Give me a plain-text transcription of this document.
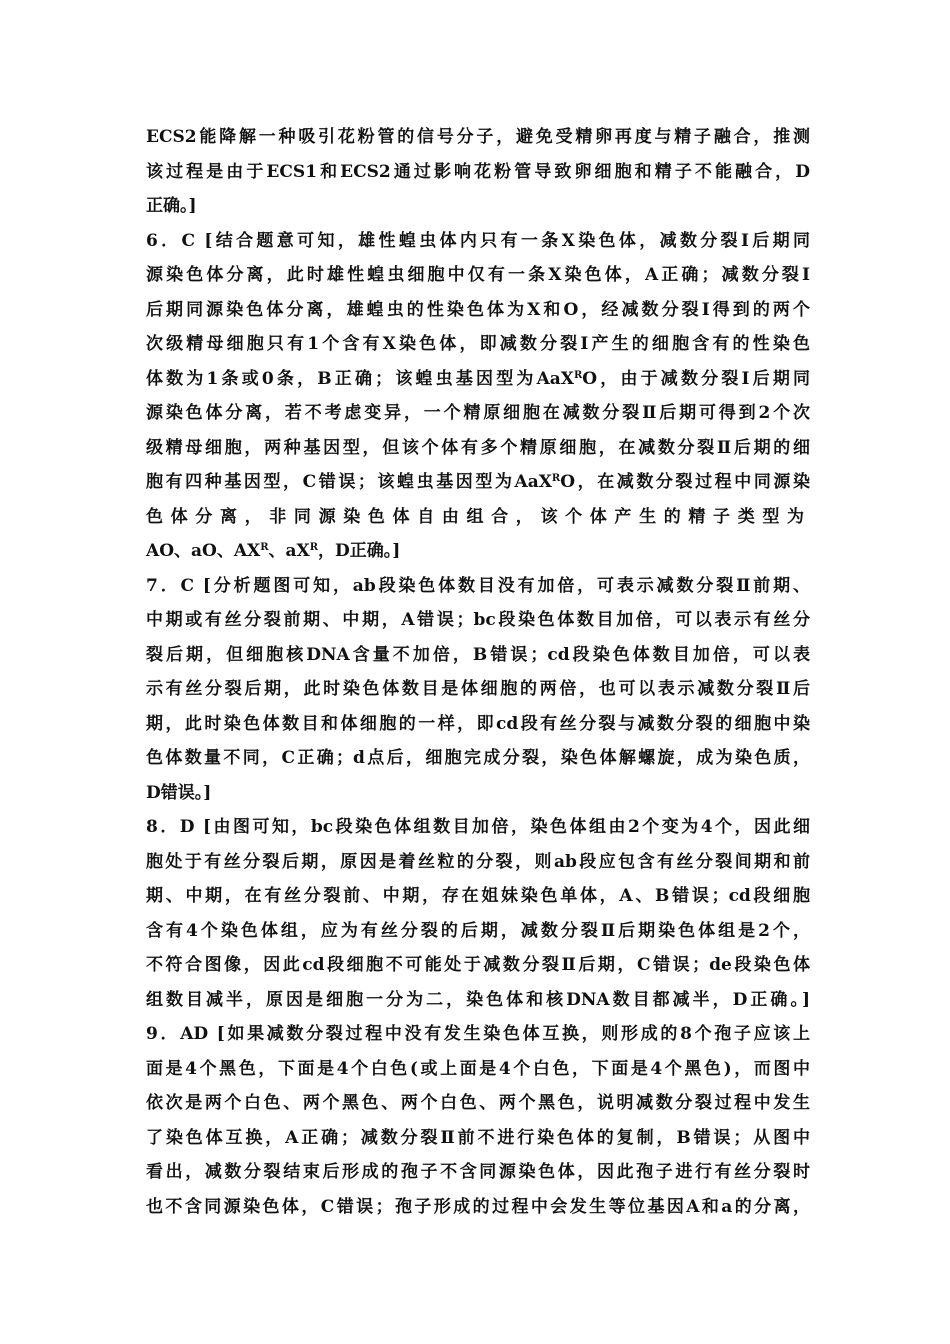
ECS2能降解一种吸引花粉管的信号分子，避免受精卵再度与精子融合，推测
该过程是由于ECS1和ECS2通过影响花粉管导致卵细胞和精子不能融合，D
正确。]
6．C [结合题意可知，雄性蝗虫体内只有一条X染色体，减数分裂Ⅰ后期同
源染色体分离，此时雄性蝗虫细胞中仅有一条X染色体，A正确；减数分裂Ⅰ
后期同源染色体分离，雄蝗虫的性染色体为X和O，经减数分裂Ⅰ得到的两个
次级精母细胞只有1个含有X染色体，即减数分裂Ⅰ产生的细胞含有的性染色
体数为1条或0条，B正确；该蝗虫基因型为AaX$^R$O，由于减数分裂Ⅰ后期同
源染色体分离，若不考虑变异，一个精原细胞在减数分裂Ⅱ后期可得到2个次
级精母细胞，两种基因型，但该个体有多个精原细胞，在减数分裂Ⅱ后期的细
胞有四种基因型，C错误；该蝗虫基因型为AaX$^R$O，在减数分裂过程中同源染
色体分离，非同源染色体自由组合，该个体产生的精子类型为
AO、aO、$AX^R$、$aX^R$，D正确。]
7．C [分析题图可知，ab段染色体数目没有加倍，可表示减数分裂Ⅱ前期、
中期或有丝分裂前期、中期，A错误；bc段染色体数目加倍，可以表示有丝分
裂后期，但细胞核DNA含量不加倍，B错误；cd段染色体数目加倍，可以表
示有丝分裂后期，此时染色体数目是体细胞的两倍，也可以表示减数分裂Ⅱ后
期，此时染色体数目和体细胞的一样，即cd段有丝分裂与减数分裂的细胞中染
色体数量不同，C正确；d点后，细胞完成分裂，染色体解螺旋，成为染色质，
D错误。]
8．D [由图可知，bc段染色体组数目加倍，染色体组由2个变为4个，因此细
胞处于有丝分裂后期，原因是着丝粒的分裂，则ab段应包含有丝分裂间期和前
期、中期，在有丝分裂前、中期，存在姐妹染色单体，A、B错误；cd段细胞
含有4个染色体组，应为有丝分裂的后期，减数分裂Ⅱ后期染色体组是2个，
不符合图像，因此cd段细胞不可能处于减数分裂Ⅱ后期，C错误；de段染色体
组数目减半，原因是细胞一分为二，染色体和核DNA数目都减半，D正确。]
9．AD [如果减数分裂过程中没有发生染色体互换，则形成的8个孢子应该上
面是4个黑色，下面是4个白色(或上面是4个白色，下面是4个黑色)，而图中
依次是两个白色、两个黑色、两个白色、两个黑色，说明减数分裂过程中发生
了染色体互换，A正确；减数分裂Ⅱ前不进行染色体的复制，B错误；从图中
看出，减数分裂结束后形成的孢子不含同源染色体，因此孢子进行有丝分裂时
也不含同源染色体，C错误；孢子形成的过程中会发生等位基因A和a的分离，
